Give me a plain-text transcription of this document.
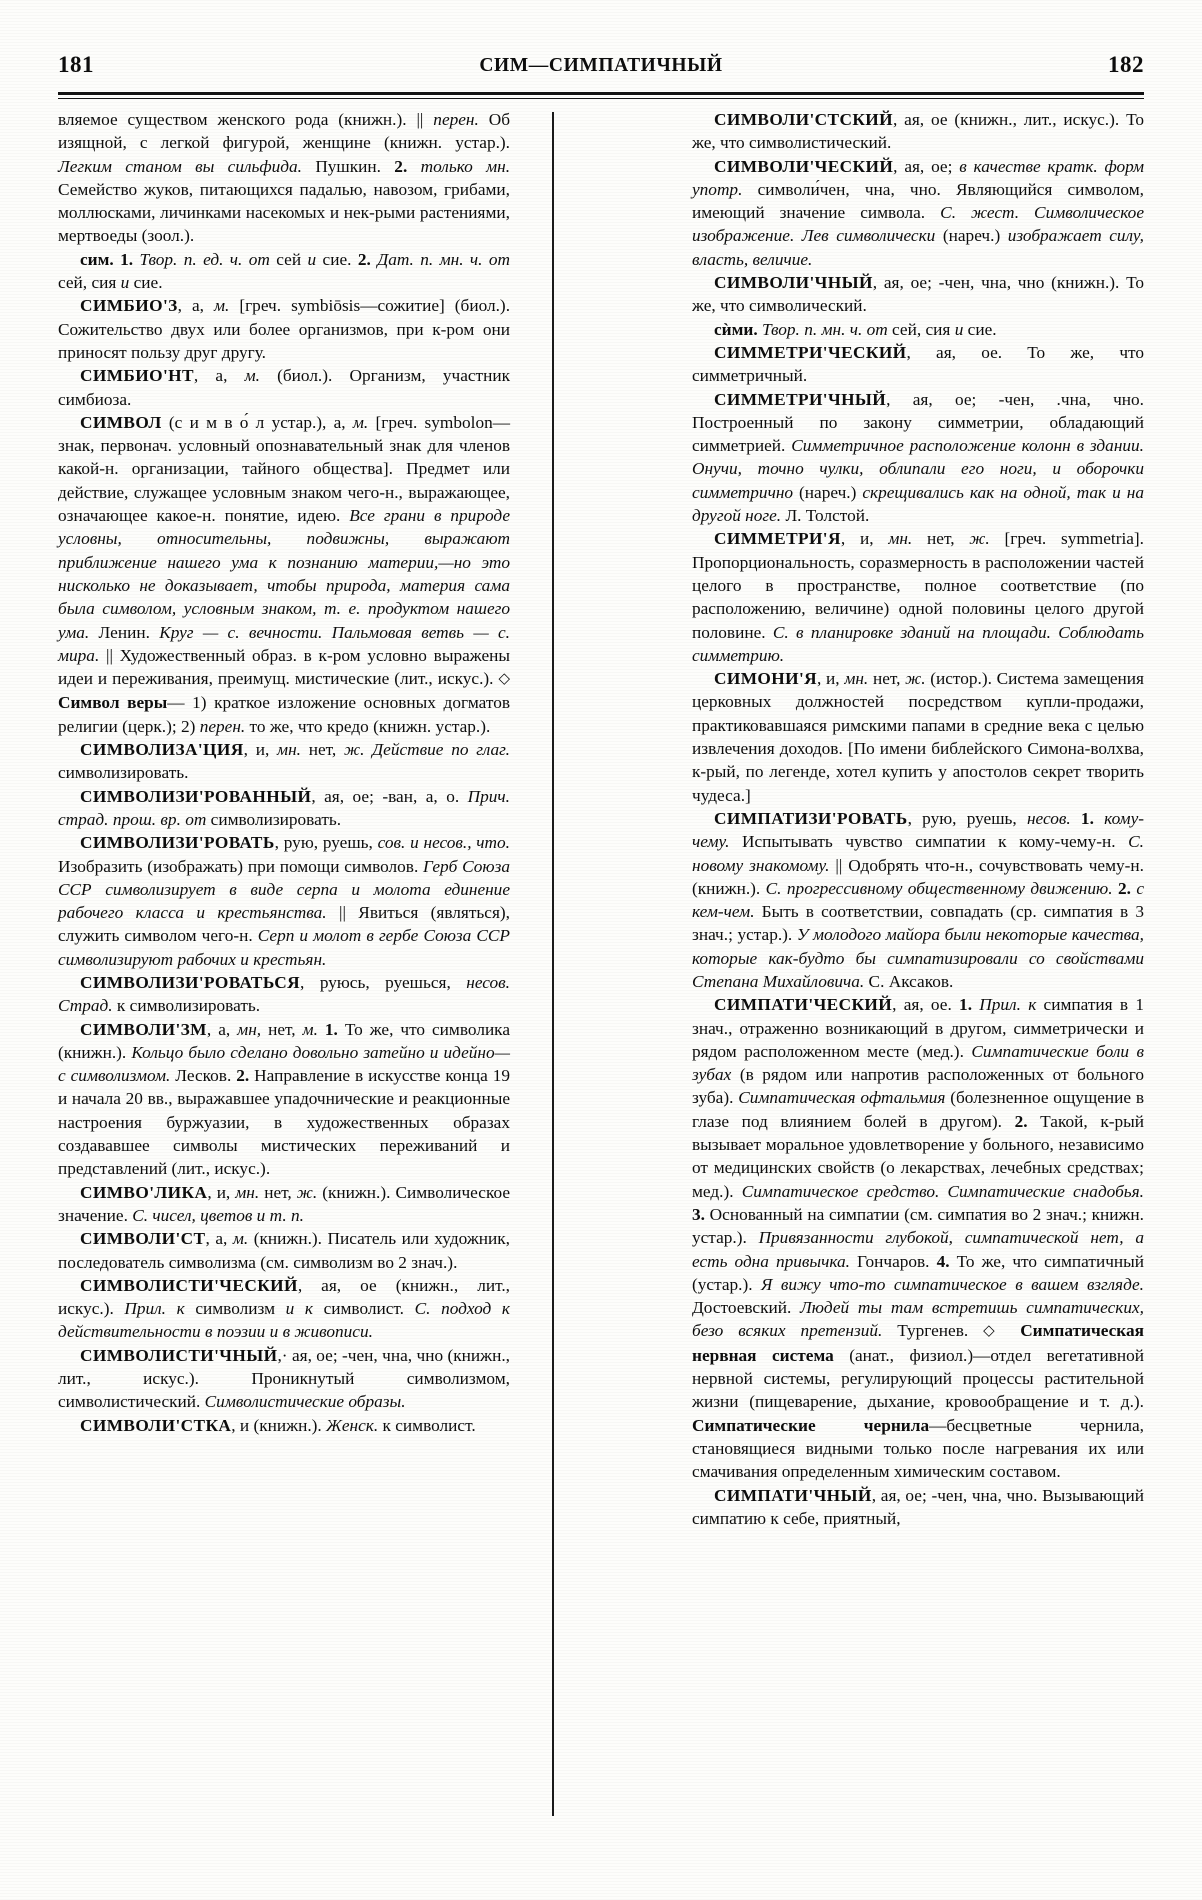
181	СИМ—СИМПАТИЧНЫЙ	182

вляемое существом женского рода (книжн.). || перен. Об изящной, с легкой фигурой, женщине (книжн. устар.). Легким станом вы сильфида. Пушкин. 2. только мн. Семейство жуков, питающихся падалью, навозом, грибами, моллюсками, личинками насекомых и нек-рыми растениями, мертвоеды (зоол.).

сим. 1. Твор. п. ед. ч. от сей и сие. 2. Дат. п. мн. ч. от сей, сия и сие.

СИМБИО'З, а, м. [греч. symbiōsis—сожитие] (биол.). Сожительство двух или более организмов, при к-ром они приносят пользу друг другу.

СИМБИО'НТ, а, м. (биол.). Организм, участник симбиоза.

СИМВОЛ (с и м в о́ л устар.), а, м. [греч. symbolon—знак, первонач. условный опознавательный знак для членов какой-н. организации, тайного общества]. Предмет или действие, служащее условным знаком чего-н., выражающее, означающее какое-н. понятие, идею. Все грани в природе условны, относительны, подвижны, выражают приближение нашего ума к познанию материи,—но это нисколько не доказывает, чтобы природа, материя сама была символом, условным знаком, т. е. продуктом нашего ума. Ленин. Круг — с. вечности. Пальмовая ветвь — с. мира. || Художественный образ. в к-ром условно выражены идеи и переживания, преимущ. мистические (лит., искус.). ◇ Символ веры— 1) краткое изложение основных догматов религии (церк.); 2) перен. то же, что кредо (книжн. устар.).

СИМВОЛИЗА'ЦИЯ, и, мн. нет, ж. Действие по глаг. символизировать.

СИМВОЛИЗИ'РОВАННЫЙ, ая, ое; -ван, а, о. Прич. страд. прош. вр. от символизировать.

СИМВОЛИЗИ'РОВАТЬ, рую, руешь, сов. и несов., что. Изобразить (изображать) при помощи символов. Герб Союза ССР символизирует в виде серпа и молота единение рабочего класса и крестьянства. || Явиться (являться), служить символом чего-н. Серп и молот в гербе Союза ССР символизируют рабочих и крестьян.

СИМВОЛИЗИ'РОВАТЬСЯ, руюсь, руешься, несов. Страд. к символизировать.

СИМВОЛИ'ЗМ, а, мн, нет, м. 1. То же, что символика (книжн.). Кольцо было сделано довольно затейно и идейно—с символизмом. Лесков. 2. Направление в искусстве конца 19 и начала 20 вв., выражавшее упадочнические и реакционные настроения буржуазии, в художественных образах создававшее символы мистических переживаний и представлений (лит., искус.).

СИМВО'ЛИКА, и, мн. нет, ж. (книжн.). Символическое значение. С. чисел, цветов и т. п.

СИМВОЛИ'СТ, а, м. (книжн.). Писатель или художник, последователь символизма (см. символизм во 2 знач.).

СИМВОЛИСТИ'ЧЕСКИЙ, ая, ое (книжн., лит., искус.). Прил. к символизм и к символист. С. подход к действительности в поэзии и в живописи.

СИМВОЛИСТИ'ЧНЫЙ,· ая, ое; -чен, чна, чно (книжн., лит., искус.). Проникнутый символизмом, символистический. Символистические образы.

СИМВОЛИ'СТКА, и (книжн.). Женск. к символист.

СИМВОЛИ'СТСКИЙ, ая, ое (книжн., лит., искус.). То же, что символистический.

СИМВОЛИ'ЧЕСКИЙ, ая, ое; в качестве кратк. форм употр. символи́чен, чна, чно. Являющийся символом, имеющий значение символа. С. жест. Символическое изображение. Лев символически (нареч.) изображает силу, власть, величие.

СИМВОЛИ'ЧНЫЙ, ая, ое; -чен, чна, чно (книжн.). То же, что символический.

сѝми. Твор. п. мн. ч. от сей, сия и сие.

СИММЕТРИ'ЧЕСКИЙ, ая, ое. То же, что симметричный.

СИММЕТРИ'ЧНЫЙ, ая, ое; -чен, .чна, чно. Построенный по закону симметрии, обладающий симметрией. Симметричное расположение колонн в здании. Онучи, точно чулки, облипали его ноги, и оборочки симметрично (нареч.) скрещивались как на одной, так и на другой ноге. Л. Толстой.

СИММЕТРИ'Я, и, мн. нет, ж. [греч. symmetria]. Пропорциональность, соразмерность в расположении частей целого в пространстве, полное соответствие (по расположению, величине) одной половины целого другой половине. С. в планировке зданий на площади. Соблюдать симметрию.

СИМОНИ'Я, и, мн. нет, ж. (истор.). Система замещения церковных должностей посредством купли-продажи, практиковавшаяся римскими папами в средние века с целью извлечения доходов. [По имени библейского Симона-волхва, к-рый, по легенде, хотел купить у апостолов секрет творить чудеса.]

СИМПАТИЗИ'РОВАТЬ, рую, руешь, несов. 1. кому-чему. Испытывать чувство симпатии к кому-чему-н. С. новому знакомому. || Одобрять что-н., сочувствовать чему-н. (книжн.). С. прогрессивному общественному движению. 2. с кем-чем. Быть в соответствии, совпадать (ср. симпатия в 3 знач.; устар.). У молодого майора были некоторые качества, которые как-будто бы симпатизировали со свойствами Степана Михайловича. С. Аксаков.

СИМПАТИ'ЧЕСКИЙ, ая, ое. 1. Прил. к симпатия в 1 знач., отраженно возникающий в другом, симметрически и рядом расположенном месте (мед.). Симпатические боли в зубах (в рядом или напротив расположенных от больного зуба). Симпатическая офтальмия (болезненное ощущение в глазе под влиянием болей в другом). 2. Такой, к-рый вызывает моральное удовлетворение у больного, независимо от медицинских свойств (о лекарствах, лечебных средствах; мед.). Симпатическое средство. Симпатические снадобья. 3. Основанный на симпатии (см. симпатия во 2 знач.; книжн. устар.). Привязанности глубокой, симпатической нет, а есть одна привычка. Гончаров. 4. То же, что симпатичный (устар.). Я вижу что-то симпатическое в вашем взгляде. Достоевский. Людей ты там встретишь симпатических, безо всяких претензий. Тургенев. ◇ Симпатическая нервная система (анат., физиол.)—отдел вегетативной нервной системы, регулирующий процессы растительной жизни (пищеварение, дыхание, кровообращение и т. д.). Симпатические чернила—бесцветные чернила, становящиеся видными только после нагревания их или смачивания определенным химическим составом.

СИМПАТИ'ЧНЫЙ, ая, ое; -чен, чна, чно. Вызывающий симпатию к себе, приятный,
